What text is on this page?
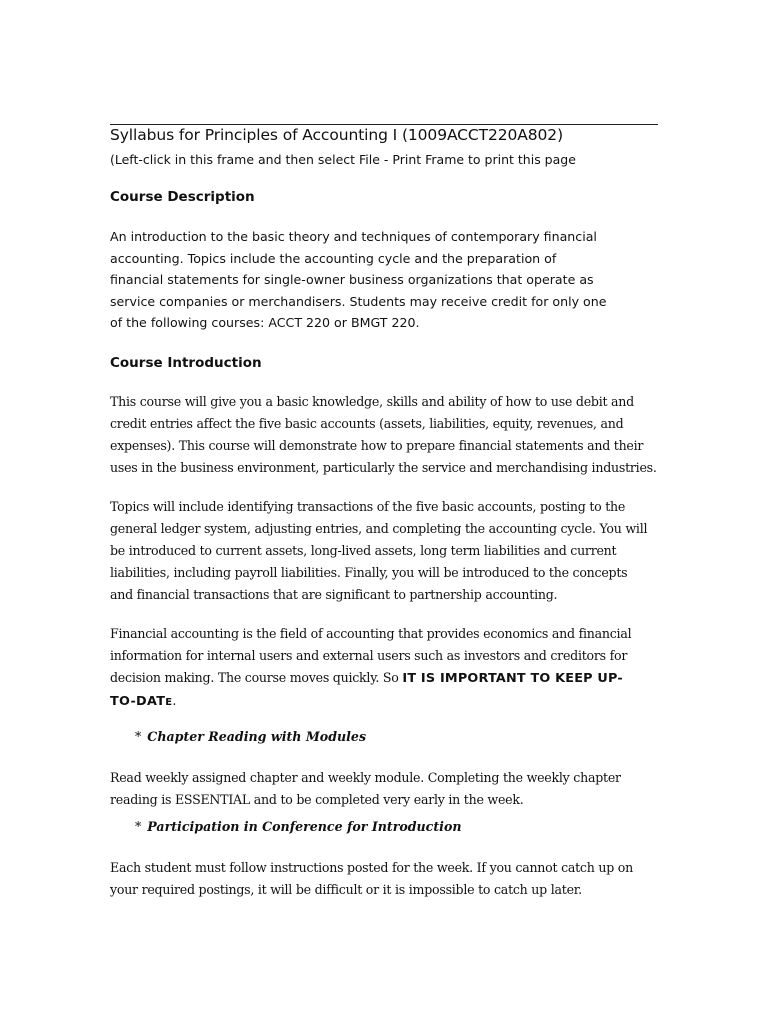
Syllabus for Principles of Accounting I (1009ACCT220A802)
(Left-click in this frame and then select File - Print Frame to print this page
Course Description
An introduction to the basic theory and techniques of contemporary financial
accounting. Topics include the accounting cycle and the preparation of
financial statements for single-owner business organizations that operate as
service companies or merchandisers. Students may receive credit for only one
of the following courses: ACCT 220 or BMGT 220.
Course Introduction
This course will give you a basic knowledge, skills and ability of how to use debit and
credit entries affect the five basic accounts (assets, liabilities, equity, revenues, and
expenses). This course will demonstrate how to prepare financial statements and their
uses in the business environment, particularly the service and merchandising industries.
Topics will include identifying transactions of the five basic accounts, posting to the
general ledger system, adjusting entries, and completing the accounting cycle. You will
be introduced to current assets, long-lived assets, long term liabilities and current
liabilities, including payroll liabilities. Finally, you will be introduced to the concepts
and financial transactions that are significant to partnership accounting.
Financial accounting is the field of accounting that provides economics and financial
information for internal users and external users such as investors and creditors for
decision making. The course moves quickly. So IT IS IMPORTANT TO KEEP UP-
TO-DATE.
* Chapter Reading with Modules
Read weekly assigned chapter and weekly module. Completing the weekly chapter
reading is ESSENTIAL and to be completed very early in the week.
* Participation in Conference for Introduction
Each student must follow instructions posted for the week. If you cannot catch up on
your required postings, it will be difficult or it is impossible to catch up later.
